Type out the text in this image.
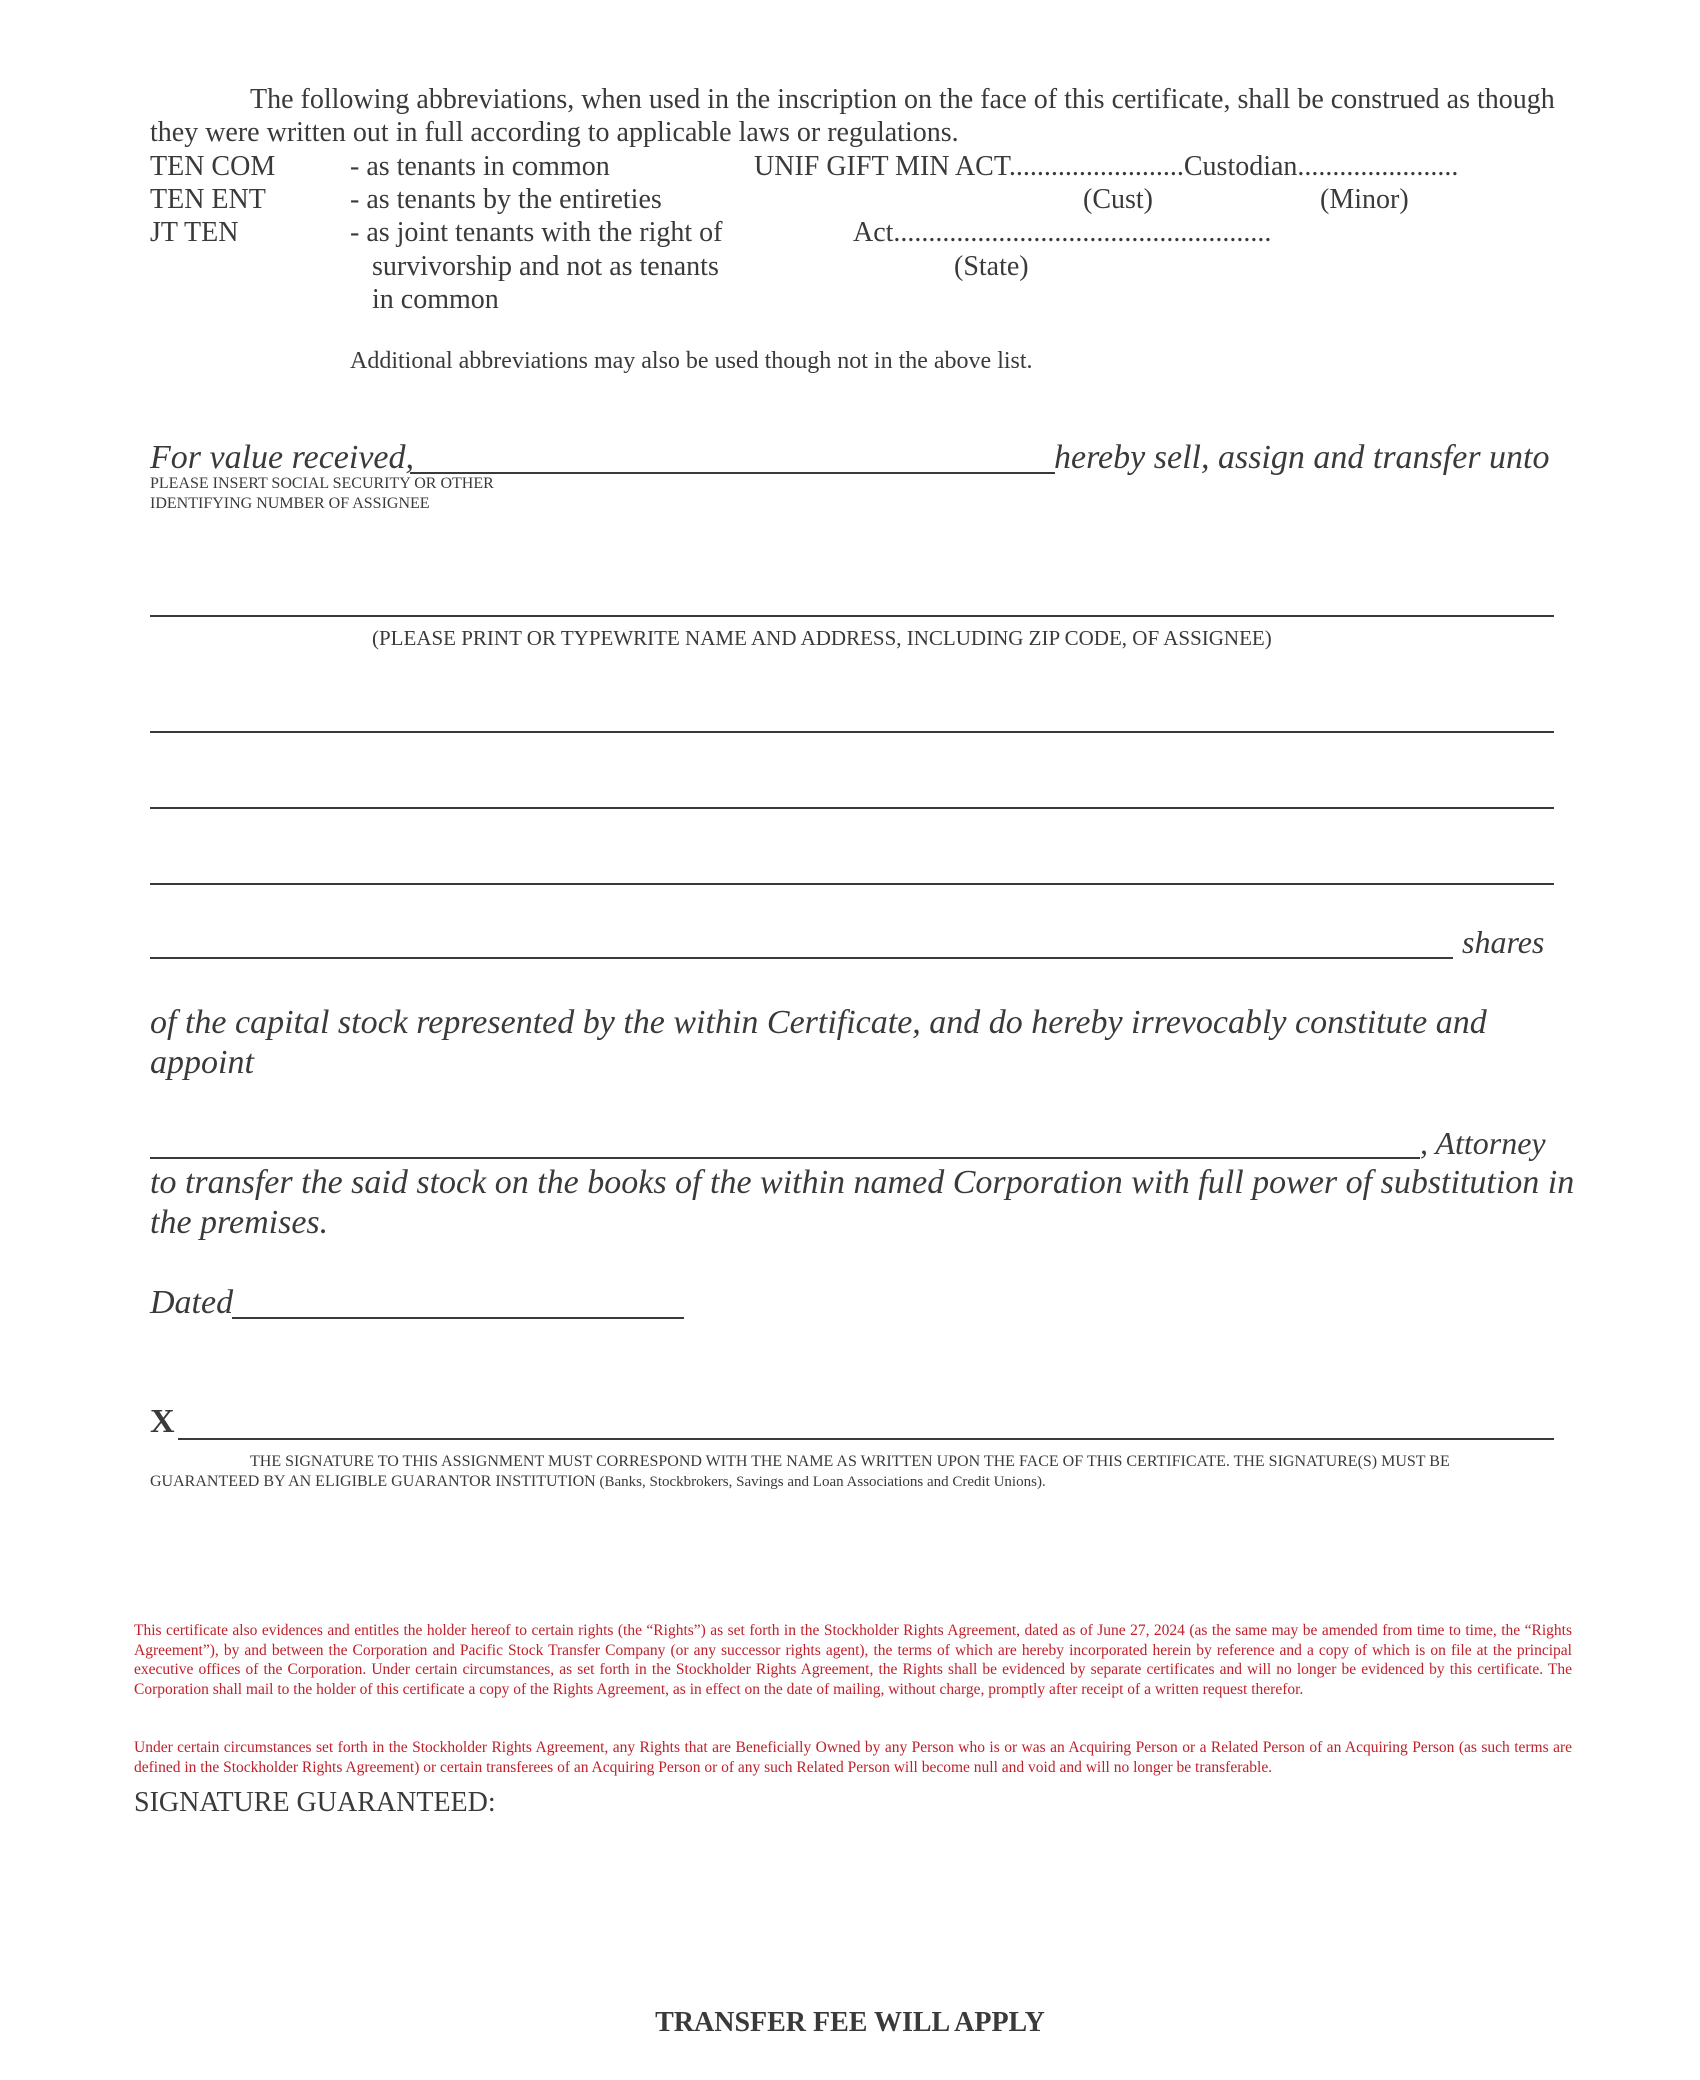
The following abbreviations, when used in the inscription on the face of this certificate, shall be construed as though
they were written out in full according to applicable laws or regulations.
TEN COM	- as tenants in common
TEN ENT	- as tenants by the entireties
JT TEN	- as joint tenants with the right of
survivorship and not as tenants
in common
UNIF GIFT MIN ACT.........................Custodian.......................
(Cust)	(Minor)
Act......................................................
(State)
Additional abbreviations may also be used though not in the above list.
For value received,	hereby sell, assign and transfer unto
PLEASE INSERT SOCIAL SECURITY OR OTHER
IDENTIFYING NUMBER OF ASSIGNEE
(PLEASE PRINT OR TYPEWRITE NAME AND ADDRESS, INCLUDING ZIP CODE, OF ASSIGNEE)
shares
of the capital stock represented by the within Certificate, and do hereby irrevocably constitute and
appoint
, Attorney
to transfer the said stock on the books of the within named Corporation with full power of substitution in
the premises.
Dated
X
THE SIGNATURE TO THIS ASSIGNMENT MUST CORRESPOND WITH THE NAME AS WRITTEN UPON THE FACE OF THIS CERTIFICATE. THE SIGNATURE(S) MUST BE
GUARANTEED BY AN ELIGIBLE GUARANTOR INSTITUTION (Banks, Stockbrokers, Savings and Loan Associations and Credit Unions).
This certificate also evidences and entitles the holder hereof to certain rights (the “Rights”) as set forth in the Stockholder Rights Agreement, dated as of June 27, 2024 (as the same may be amended from time to time, the “Rights Agreement”), by and between the Corporation and Pacific Stock Transfer Company (or any successor rights agent), the terms of which are hereby incorporated herein by reference and a copy of which is on file at the principal executive offices of the Corporation. Under certain circumstances, as set forth in the Stockholder Rights Agreement, the Rights shall be evidenced by separate certificates and will no longer be evidenced by this certificate. The Corporation shall mail to the holder of this certificate a copy of the Rights Agreement, as in effect on the date of mailing, without charge, promptly after receipt of a written request therefor.
Under certain circumstances set forth in the Stockholder Rights Agreement, any Rights that are Beneficially Owned by any Person who is or was an Acquiring Person or a Related Person of an Acquiring Person (as such terms are defined in the Stockholder Rights Agreement) or certain transferees of an Acquiring Person or of any such Related Person will become null and void and will no longer be transferable.
SIGNATURE GUARANTEED:
TRANSFER FEE WILL APPLY
